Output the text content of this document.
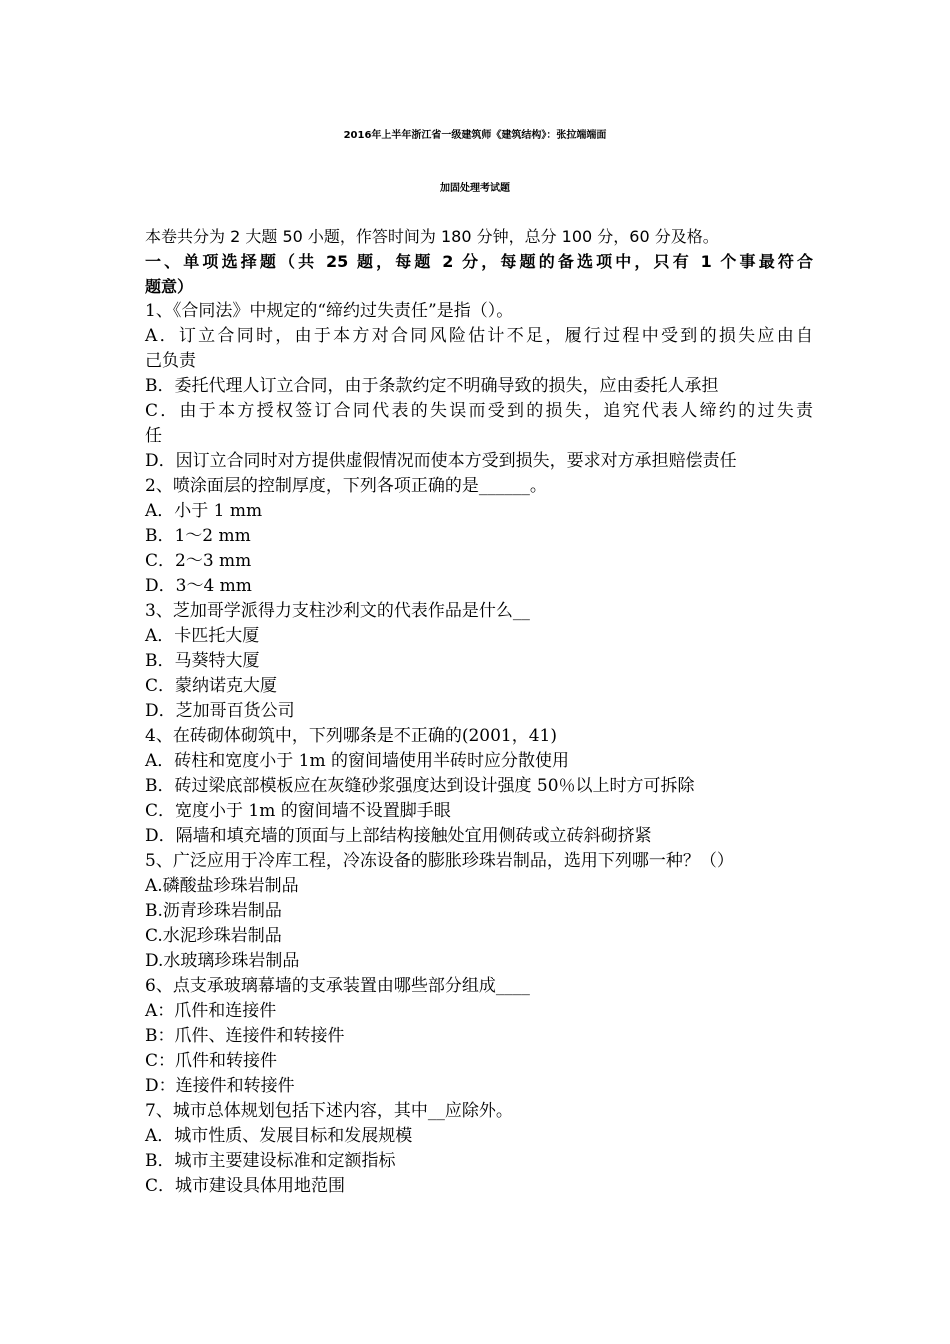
2016年上半年浙江省一级建筑师《建筑结构》：张拉端端面
加固处理考试题
本卷共分为 2 大题 50 小题，作答时间为 180 分钟，总分 100 分，60 分及格。
一、单项选择题（共 25 题，每题 2 分，每题的备选项中，只有 1 个事最符合
题意）
1、《合同法》中规定的“缔约过失责任”是指（）。
A．订立合同时，由于本方对合同风险估计不足，履行过程中受到的损失应由自
己负责
B．委托代理人订立合同，由于条款约定不明确导致的损失，应由委托人承担
C．由于本方授权签订合同代表的失误而受到的损失，追究代表人缔约的过失责
任
D．因订立合同时对方提供虚假情况而使本方受到损失，要求对方承担赔偿责任
2、喷涂面层的控制厚度，下列各项正确的是______。
A．小于 1 mm
B．1～2 mm
C．2～3 mm
D．3～4 mm
3、芝加哥学派得力支柱沙利文的代表作品是什么__
A．卡匹托大厦
B．马葵特大厦
C．蒙纳诺克大厦
D．芝加哥百货公司
4、在砖砌体砌筑中，下列哪条是不正确的(2001，41)
A．砖柱和宽度小于 1m 的窗间墙使用半砖时应分散使用
B．砖过梁底部模板应在灰缝砂浆强度达到设计强度 50％以上时方可拆除
C．宽度小于 1m 的窗间墙不设置脚手眼
D．隔墙和填充墙的顶面与上部结构接触处宜用侧砖或立砖斜砌挤紧
5、广泛应用于冷库工程，冷冻设备的膨胀珍珠岩制品，选用下列哪一种？（）
A.磷酸盐珍珠岩制品
B.沥青珍珠岩制品
C.水泥珍珠岩制品
D.水玻璃珍珠岩制品
6、点支承玻璃幕墙的支承装置由哪些部分组成____
A：爪件和连接件
B：爪件、连接件和转接件
C：爪件和转接件
D：连接件和转接件
7、城市总体规划包括下述内容，其中__应除外。
A．城市性质、发展目标和发展规模
B．城市主要建设标准和定额指标
C．城市建设具体用地范围
